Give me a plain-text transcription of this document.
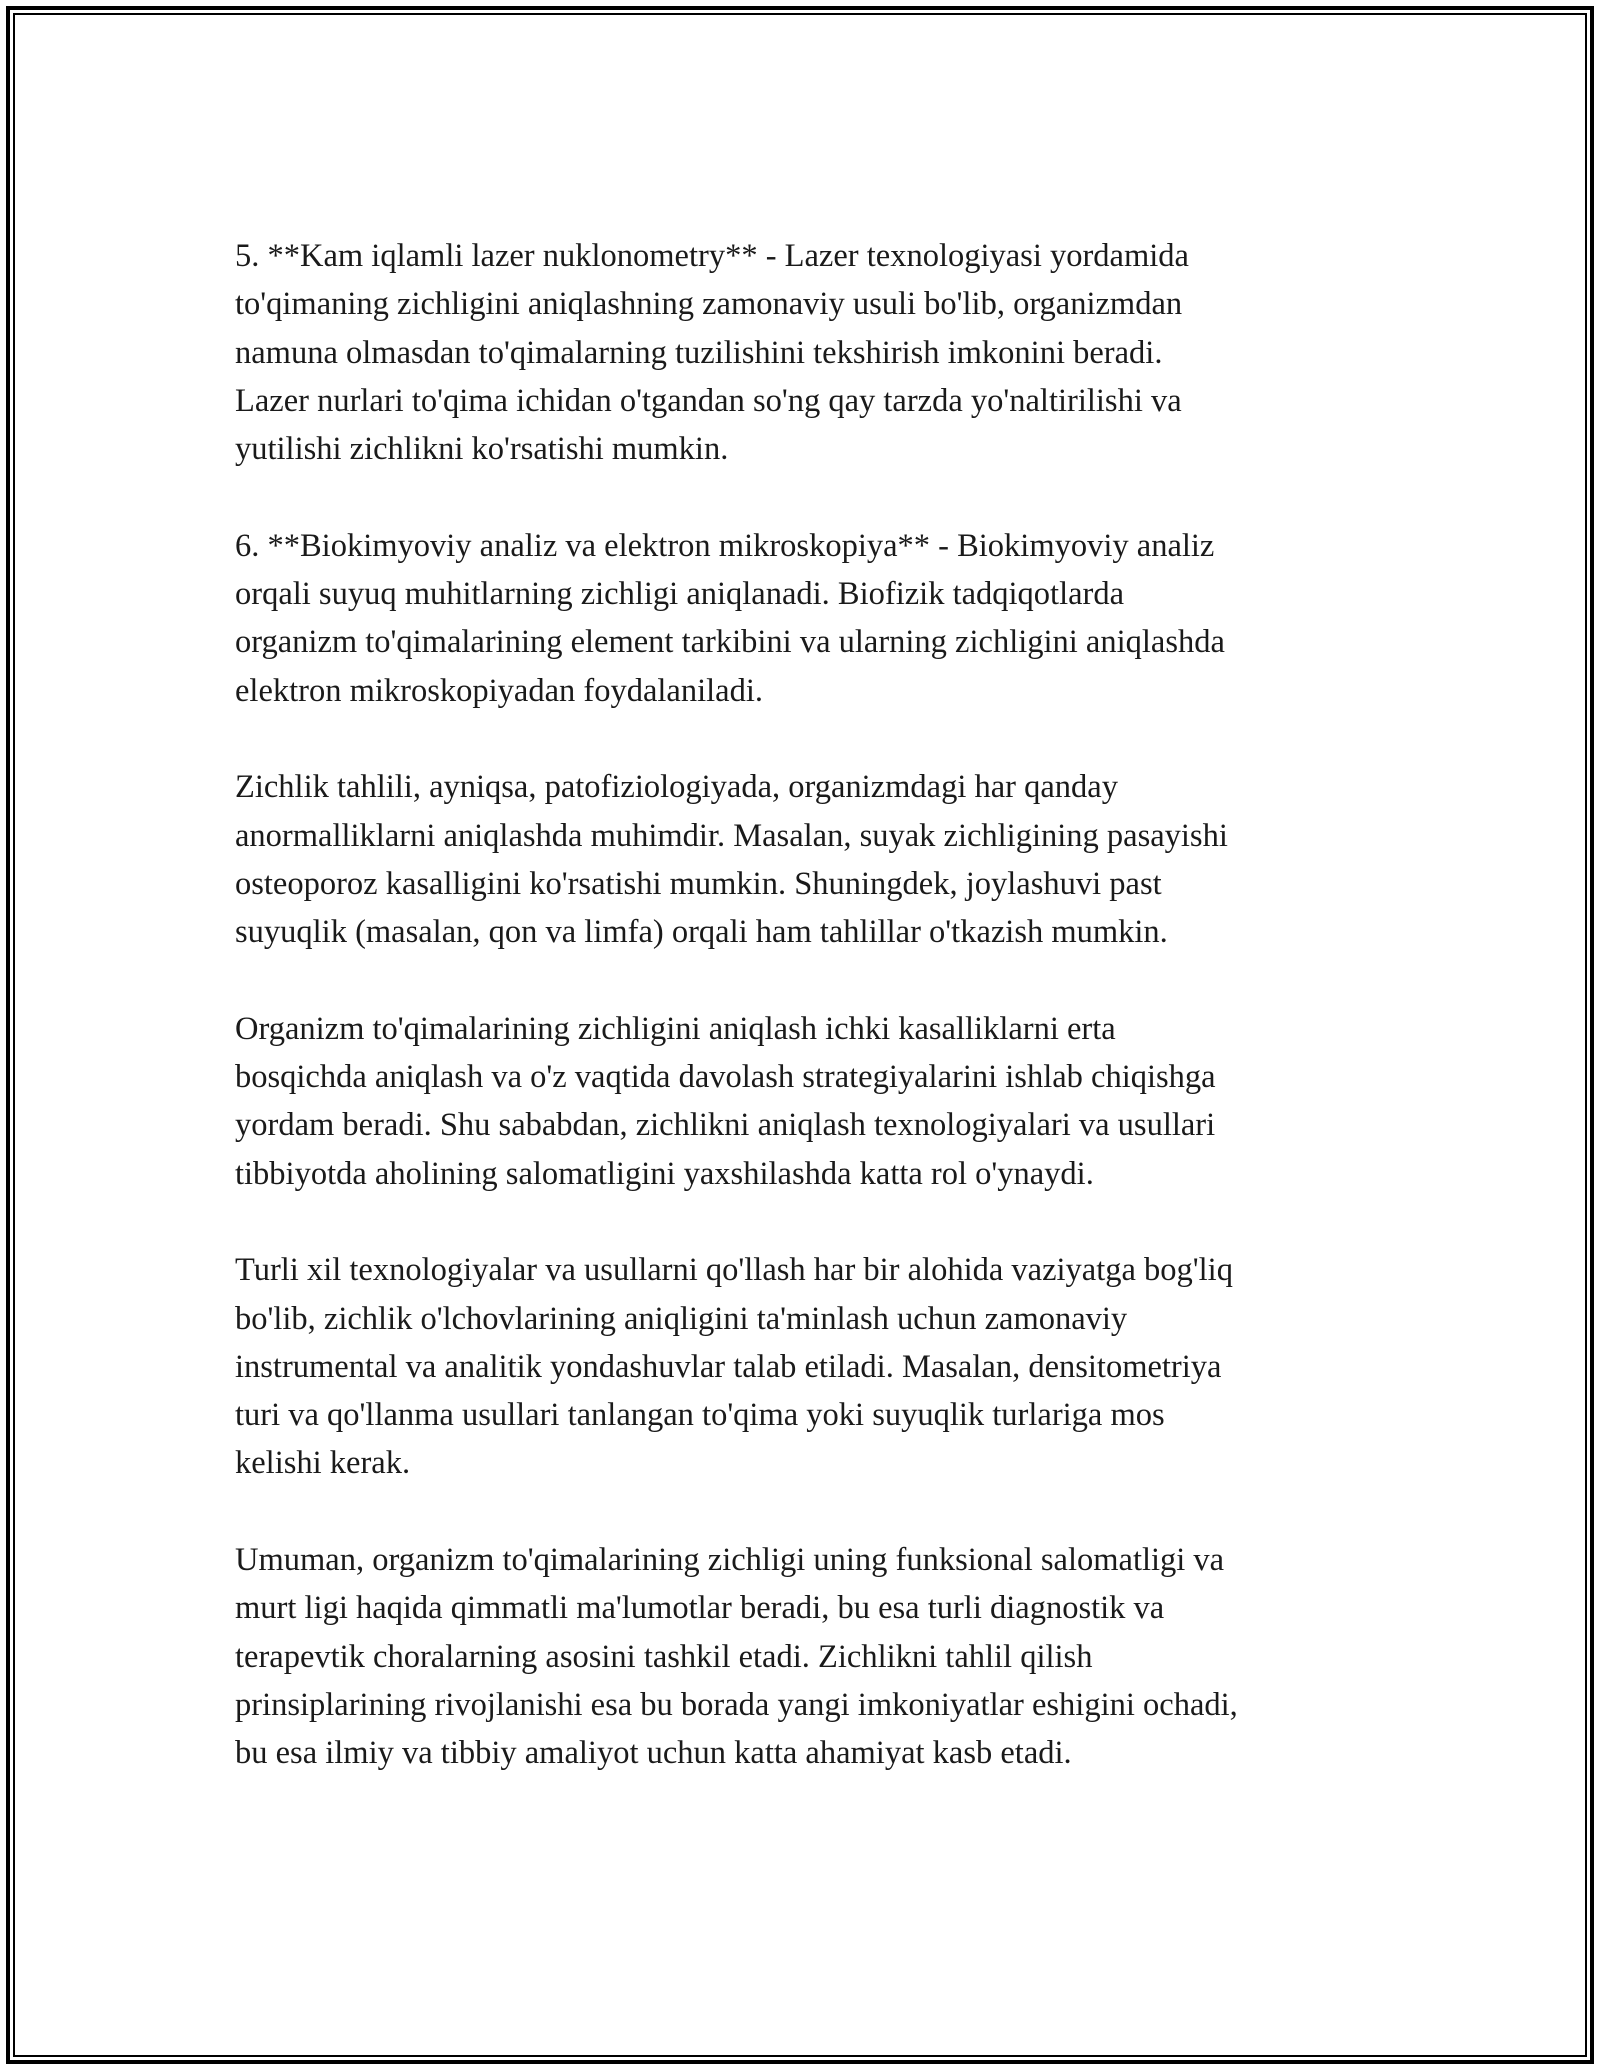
5. **Kam iqlamli lazer nuklonometry** - Lazer texnologiyasi yordamida
to'qimaning zichligini aniqlashning zamonaviy usuli bo'lib, organizmdan
namuna olmasdan to'qimalarning tuzilishini tekshirish imkonini beradi.
Lazer nurlari to'qima ichidan o'tgandan so'ng qay tarzda yo'naltirilishi va
yutilishi zichlikni ko'rsatishi mumkin.

6. **Biokimyoviy analiz va elektron mikroskopiya** - Biokimyoviy analiz
orqali suyuq muhitlarning zichligi aniqlanadi. Biofizik tadqiqotlarda
organizm to'qimalarining element tarkibini va ularning zichligini aniqlashda
elektron mikroskopiyadan foydalaniladi.

Zichlik tahlili, ayniqsa, patofiziologiyada, organizmdagi har qanday
anormalliklarni aniqlashda muhimdir. Masalan, suyak zichligining pasayishi
osteoporoz kasalligini ko'rsatishi mumkin. Shuningdek, joylashuvi past
suyuqlik (masalan, qon va limfa) orqali ham tahlillar o'tkazish mumkin.

Organizm to'qimalarining zichligini aniqlash ichki kasalliklarni erta
bosqichda aniqlash va o'z vaqtida davolash strategiyalarini ishlab chiqishga
yordam beradi. Shu sababdan, zichlikni aniqlash texnologiyalari va usullari
tibbiyotda aholining salomatligini yaxshilashda katta rol o'ynaydi.

Turli xil texnologiyalar va usullarni qo'llash har bir alohida vaziyatga bog'liq
bo'lib, zichlik o'lchovlarining aniqligini ta'minlash uchun zamonaviy
instrumental va analitik yondashuvlar talab etiladi. Masalan, densitometriya
turi va qo'llanma usullari tanlangan to'qima yoki suyuqlik turlariga mos
kelishi kerak.

Umuman, organizm to'qimalarining zichligi uning funksional salomatligi va
murt ligi haqida qimmatli ma'lumotlar beradi, bu esa turli diagnostik va
terapevtik choralarning asosini tashkil etadi. Zichlikni tahlil qilish
prinsiplarining rivojlanishi esa bu borada yangi imkoniyatlar eshigini ochadi,
bu esa ilmiy va tibbiy amaliyot uchun katta ahamiyat kasb etadi.
